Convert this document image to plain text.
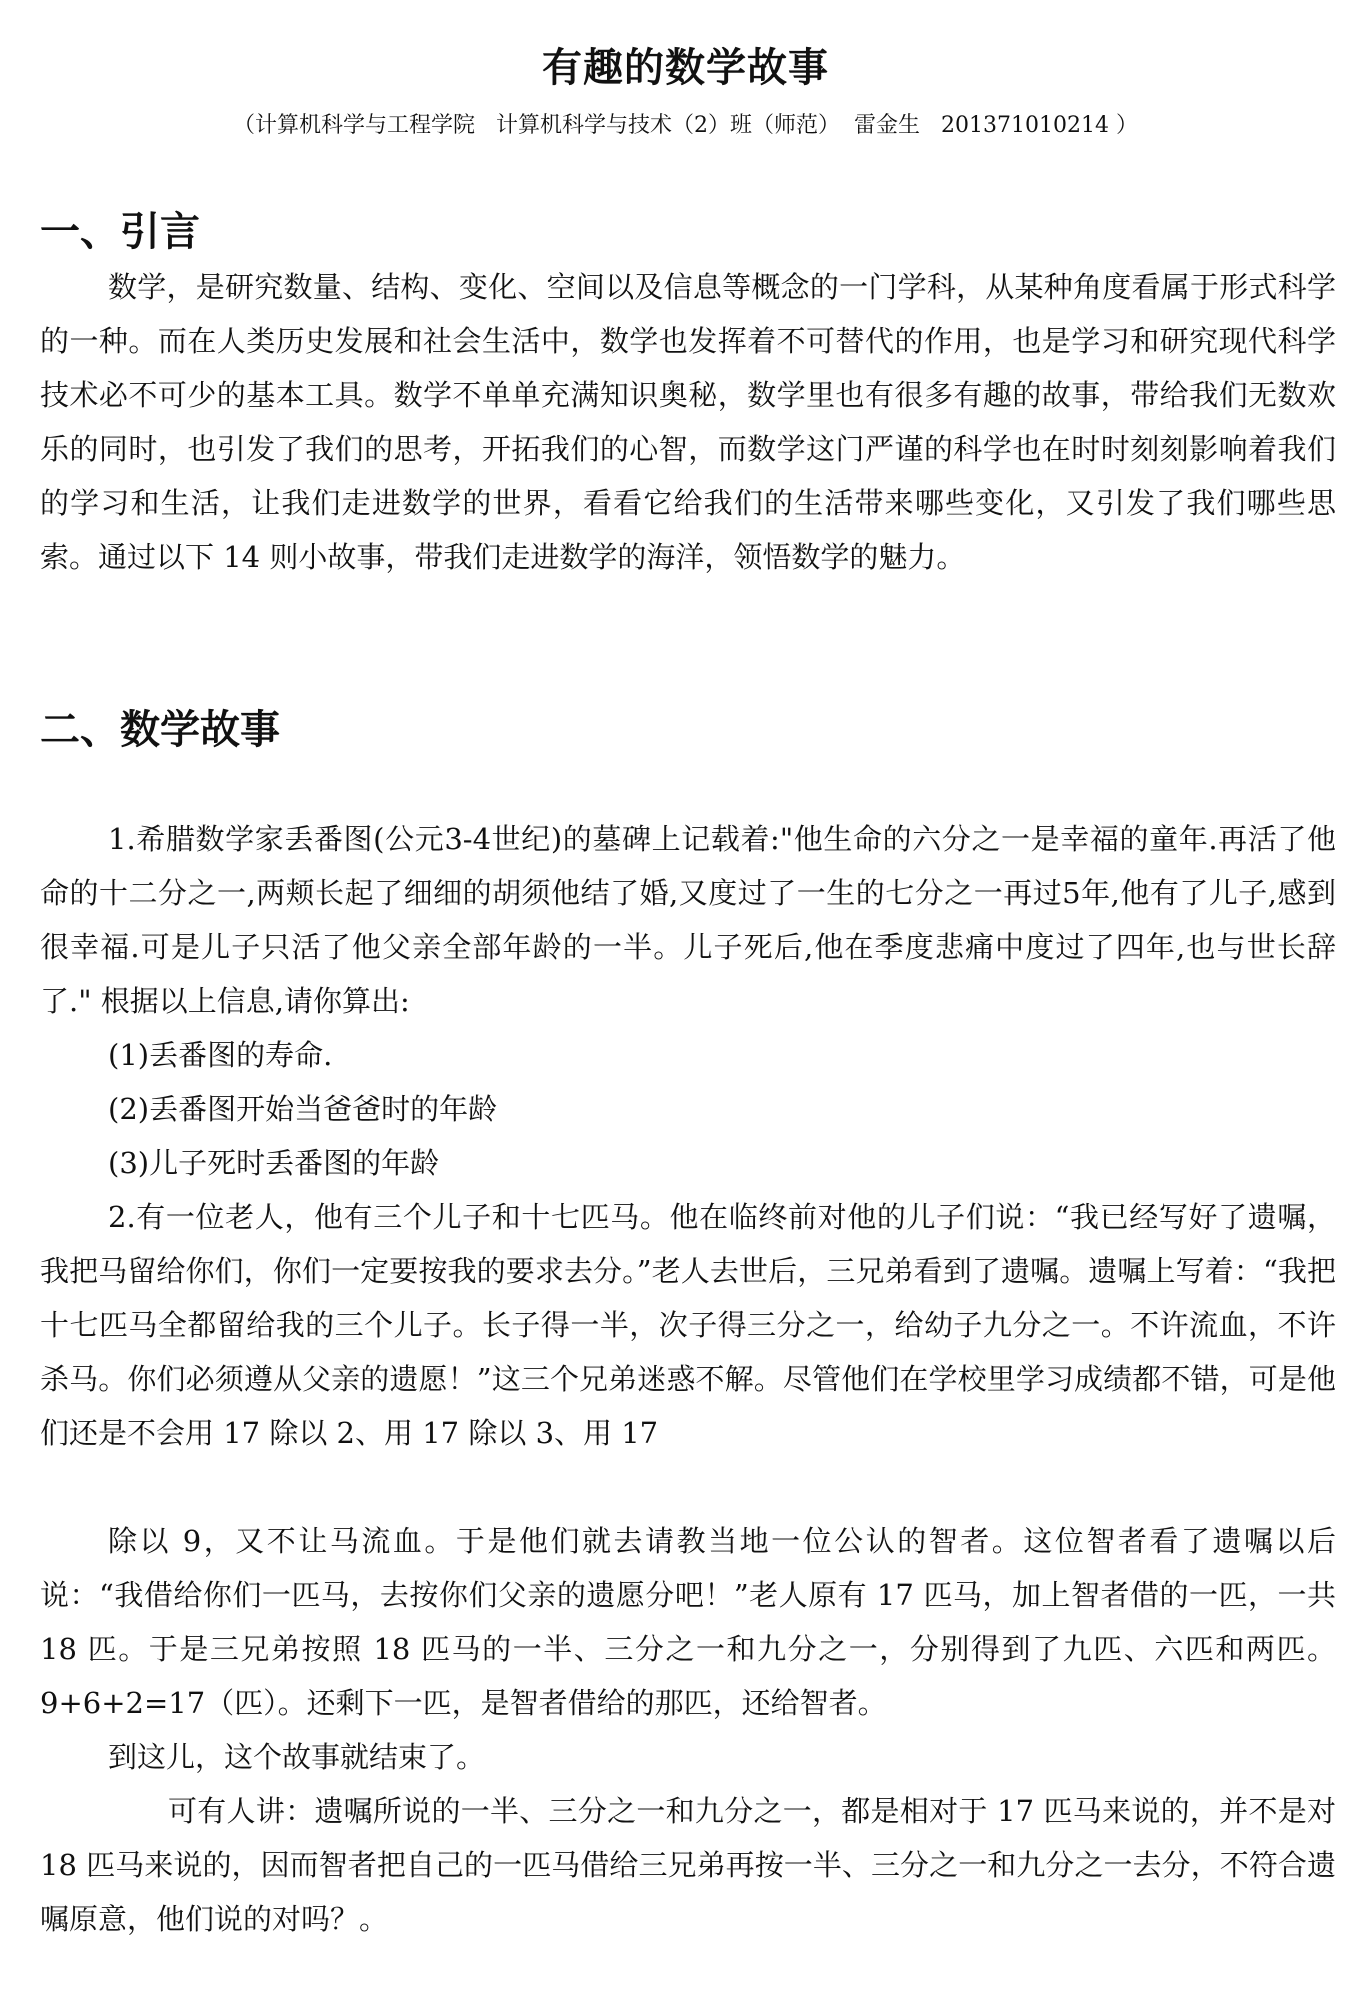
有趣的数学故事
（计算机科学与工程学院   计算机科学与技术（2）班（师范）  雷金生   201371010214 ）
一、引言

数学，是研究数量、结构、变化、空间以及信息等概念的一门学科，从某种角度看属于形式科学的一种。而在人类历史发展和社会生活中，数学也发挥着不可替代的作用，也是学习和研究现代科学技术必不可少的基本工具。数学不单单充满知识奥秘，数学里也有很多有趣的故事，带给我们无数欢乐的同时，也引发了我们的思考，开拓我们的心智，而数学这门严谨的科学也在时时刻刻影响着我们的学习和生活，让我们走进数学的世界，看看它给我们的生活带来哪些变化，又引发了我们哪些思索。通过以下 14 则小故事，带我们走进数学的海洋，领悟数学的魅力。

二、数学故事

1.希腊数学家丢番图(公元3-4世纪)的墓碑上记载着:"他生命的六分之一是幸福的童年.再活了他命的十二分之一,两颊长起了细细的胡须他结了婚,又度过了一生的七分之一再过5年,他有了儿子,感到很幸福.可是儿子只活了他父亲全部年龄的一半。儿子死后,他在季度悲痛中度过了四年,也与世长辞了." 根据以上信息,请你算出:

(1)丢番图的寿命.

(2)丢番图开始当爸爸时的年龄

(3)儿子死时丢番图的年龄

2.有一位老人，他有三个儿子和十七匹马。他在临终前对他的儿子们说：“我已经写好了遗嘱，我把马留给你们，你们一定要按我的要求去分。”老人去世后，三兄弟看到了遗嘱。遗嘱上写着：“我把十七匹马全都留给我的三个儿子。长子得一半，次子得三分之一，给幼子九分之一。不许流血，不许杀马。你们必须遵从父亲的遗愿！”这三个兄弟迷惑不解。尽管他们在学校里学习成绩都不错，可是他们还是不会用 17 除以 2、用 17 除以 3、用 17

除以 9，又不让马流血。于是他们就去请教当地一位公认的智者。这位智者看了遗嘱以后说：“我借给你们一匹马，去按你们父亲的遗愿分吧！”老人原有 17 匹马，加上智者借的一匹，一共 18 匹。于是三兄弟按照 18 匹马的一半、三分之一和九分之一，分别得到了九匹、六匹和两匹。9+6+2=17（匹）。还剩下一匹，是智者借给的那匹，还给智者。

到这儿，这个故事就结束了。

可有人讲：遗嘱所说的一半、三分之一和九分之一，都是相对于 17 匹马来说的，并不是对 18 匹马来说的，因而智者把自己的一匹马借给三兄弟再按一半、三分之一和九分之一去分，不符合遗嘱原意，他们说的对吗？。
